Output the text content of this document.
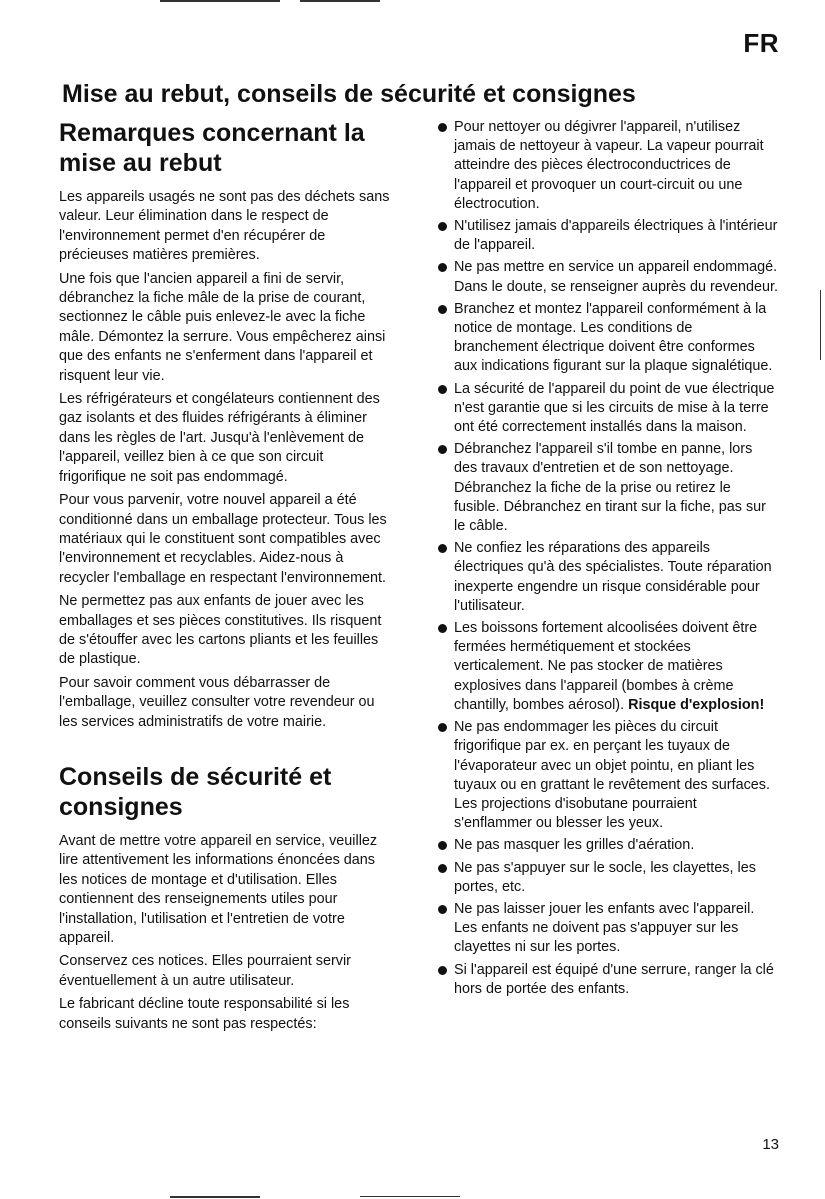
FR
Mise au rebut, conseils de sécurité et consignes
Remarques concernant la mise au rebut

Les appareils usagés ne sont pas des déchets sans valeur. Leur élimination dans le respect de l'environnement permet d'en récupérer de précieuses matières premières.

Une fois que l'ancien appareil a fini de servir, débranchez la fiche mâle de la prise de courant, sectionnez le câble puis enlevez-le avec la fiche mâle. Démontez la serrure. Vous empêcherez ainsi que des enfants ne s'enferment dans l'appareil et risquent leur vie.

Les réfrigérateurs et congélateurs contiennent des gaz isolants et des fluides réfrigérants à éliminer dans les règles de l'art. Jusqu'à l'enlèvement de l'appareil, veillez bien à ce que son circuit frigorifique ne soit pas endommagé.

Pour vous parvenir, votre nouvel appareil a été conditionné dans un emballage protecteur. Tous les matériaux qui le constituent sont compatibles avec l'environnement et recyclables. Aidez-nous à recycler l'emballage en respectant l'environnement.

Ne permettez pas aux enfants de jouer avec les emballages et ses pièces constitutives. Ils risquent de s'étouffer avec les cartons pliants et les feuilles de plastique.

Pour savoir comment vous débarrasser de l'emballage, veuillez consulter votre revendeur ou les services administratifs de votre mairie.

Conseils de sécurité et consignes

Avant de mettre votre appareil en service, veuillez lire attentivement les informations énoncées dans les notices de montage et d'utilisation. Elles contiennent des renseignements utiles pour l'installation, l'utilisation et l'entretien de votre appareil.

Conservez ces notices. Elles pourraient servir éventuellement à un autre utilisateur.

Le fabricant décline toute responsabilité si les conseils suivants ne sont pas respectés:

Pour nettoyer ou dégivrer l'appareil, n'utilisez jamais de nettoyeur à vapeur. La vapeur pourrait atteindre des pièces électroconductrices de l'appareil et provoquer un court-circuit ou une électrocution.
N'utilisez jamais d'appareils électriques à l'intérieur de l'appareil.
Ne pas mettre en service un appareil endommagé. Dans le doute, se renseigner auprès du revendeur.
Branchez et montez l'appareil conformément à la notice de montage. Les conditions de branchement électrique doivent être conformes aux indications figurant sur la plaque signalétique.
La sécurité de l'appareil du point de vue électrique n'est garantie que si les circuits de mise à la terre ont été correctement installés dans la maison.
Débranchez l'appareil s'il tombe en panne, lors des travaux d'entretien et de son nettoyage. Débranchez la fiche de la prise ou retirez le fusible. Débranchez en tirant sur la fiche, pas sur le câble.
Ne confiez les réparations des appareils électriques qu'à des spécialistes. Toute réparation inexperte engendre un risque considérable pour l'utilisateur.
Les boissons fortement alcoolisées doivent être fermées hermétiquement et stockées verticalement. Ne pas stocker de matières explosives dans l'appareil (bombes à crème chantilly, bombes aérosol). Risque d'explosion!
Ne pas endommager les pièces du circuit frigorifique par ex. en perçant les tuyaux de l'évaporateur avec un objet pointu, en pliant les tuyaux ou en grattant le revêtement des surfaces. Les projections d'isobutane pourraient s'enflammer ou blesser les yeux.
Ne pas masquer les grilles d'aération.
Ne pas s'appuyer sur le socle, les clayettes, les portes, etc.
Ne pas laisser jouer les enfants avec l'appareil. Les enfants ne doivent pas s'appuyer sur les clayettes ni sur les portes.
Si l'appareil est équipé d'une serrure, ranger la clé hors de portée des enfants.
13
